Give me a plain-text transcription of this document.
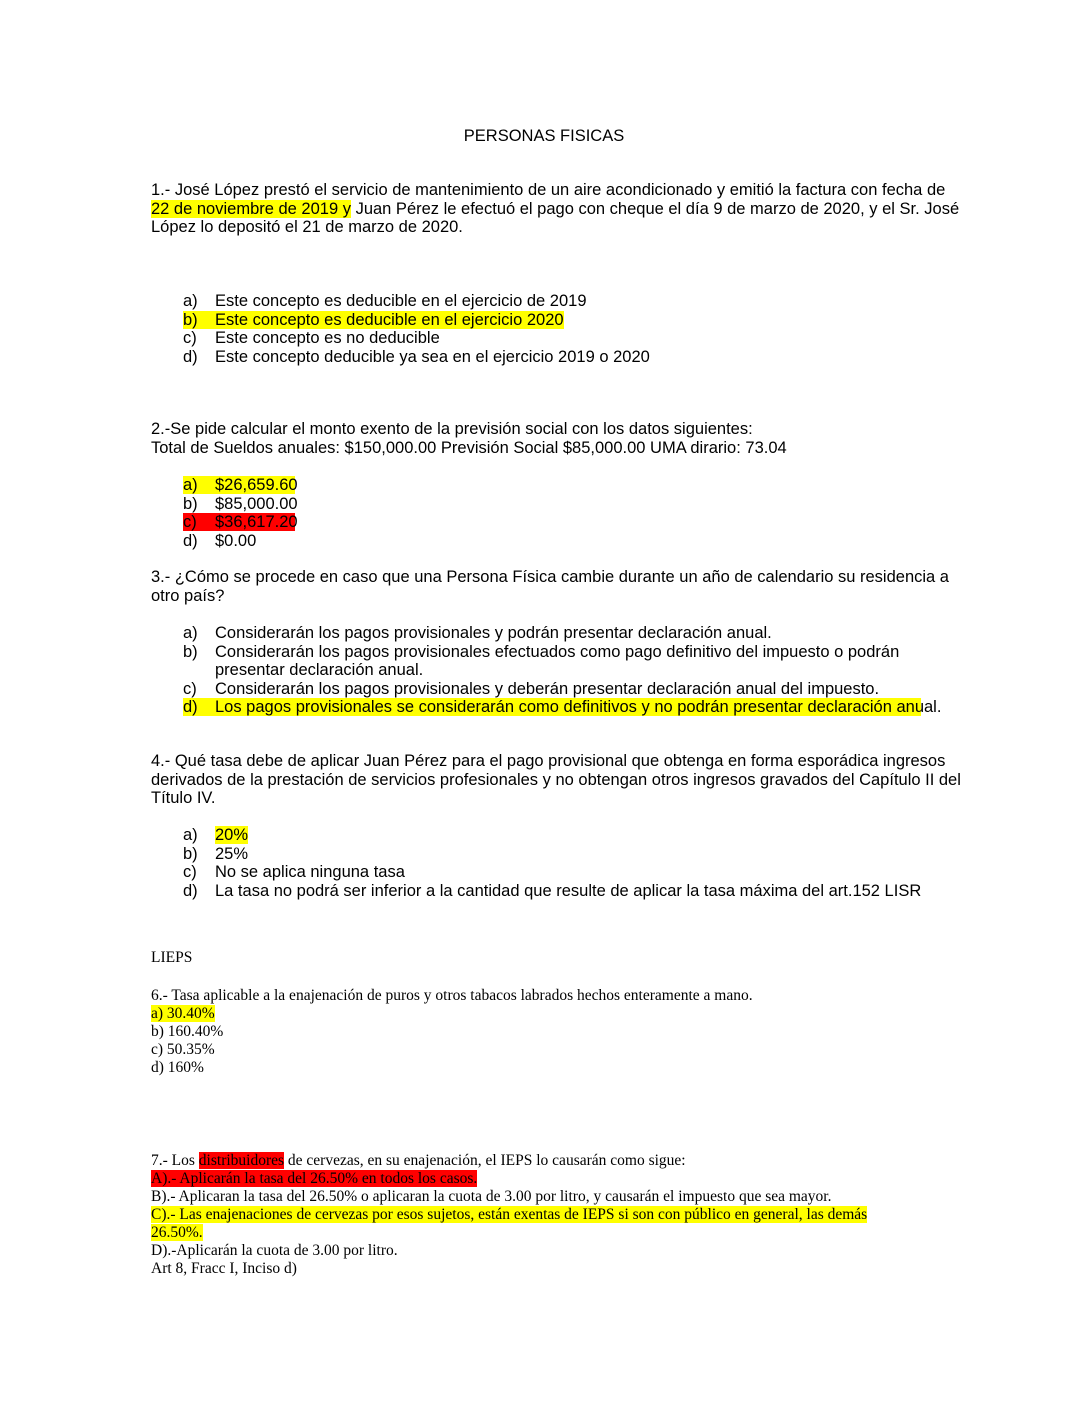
PERSONAS FISICAS
1.- José López prestó el servicio de mantenimiento de un aire acondicionado y emitió la factura con fecha de
22 de noviembre de 2019 y Juan Pérez le efectuó el pago con cheque el día 9 de marzo de 2020, y el Sr. José
López lo depositó el 21 de marzo de 2020.
a) Este concepto es deducible en el ejercicio de 2019
b) Este concepto es deducible en el ejercicio 2020
c) Este concepto es no deducible
d) Este concepto deducible ya sea en el ejercicio 2019 o 2020
2.-Se pide calcular el monto exento de la previsión social con los datos siguientes:
Total de Sueldos anuales: $150,000.00 Previsión Social $85,000.00 UMA dirario: 73.04
a) $26,659.60
b) $85,000.00
c) $36,617.20
d) $0.00
3.- ¿Cómo se procede en caso que una Persona Física cambie durante un año de calendario su residencia a
otro país?
a) Considerarán los pagos provisionales y podrán presentar declaración anual.
b) Considerarán los pagos provisionales efectuados como pago definitivo del impuesto o podrán
presentar declaración anual.
c) Considerarán los pagos provisionales y deberán presentar declaración anual del impuesto.
d) Los pagos provisionales se considerarán como definitivos y no podrán presentar declaración anual.
4.- Qué tasa debe de aplicar Juan Pérez para el pago provisional que obtenga en forma esporádica ingresos
derivados de la prestación de servicios profesionales y no obtengan otros ingresos gravados del Capítulo II del
Título IV.
a) 20%
b) 25%
c) No se aplica ninguna tasa
d) La tasa no podrá ser inferior a la cantidad que resulte de aplicar la tasa máxima del art.152 LISR
LIEPS
6.- Tasa aplicable a la enajenación de puros y otros tabacos labrados hechos enteramente a mano.
a) 30.40%
b) 160.40%
c) 50.35%
d) 160%
7.- Los distribuidores de cervezas, en su enajenación, el IEPS lo causarán como sigue:
A).- Aplicarán la tasa del 26.50% en todos los casos.
B).- Aplicaran la tasa del 26.50% o aplicaran la cuota de 3.00 por litro, y causarán el impuesto que sea mayor.
C).- Las enajenaciones de cervezas por esos sujetos, están exentas de IEPS si son con público en general, las demás
26.50%.
D).-Aplicarán la cuota de 3.00 por litro.
Art 8, Fracc I, Inciso d)
